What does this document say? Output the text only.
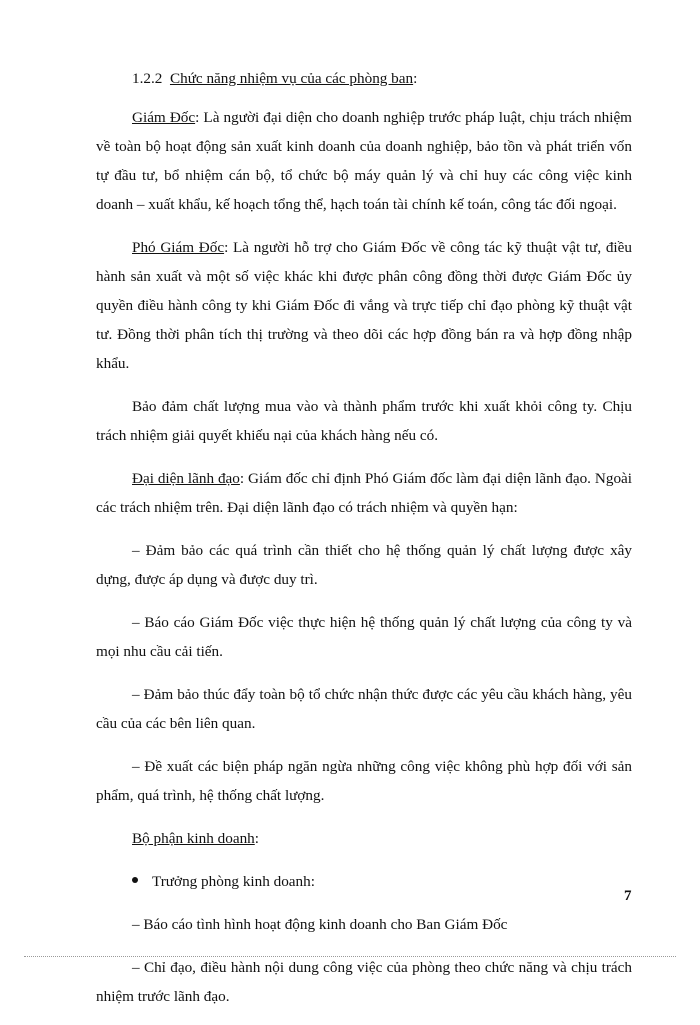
1.2.2 Chức năng nhiệm vụ của các phòng ban:

Giám Đốc: Là người đại diện cho doanh nghiệp trước pháp luật, chịu trách nhiệm về toàn bộ hoạt động sản xuất kinh doanh của doanh nghiệp, bảo tồn và phát triển vốn tự đầu tư, bổ nhiệm cán bộ, tổ chức bộ máy quản lý và chỉ huy các công việc kinh doanh – xuất khẩu, kế hoạch tổng thể, hạch toán tài chính kế toán, công tác đối ngoại.

Phó Giám Đốc: Là người hỗ trợ cho Giám Đốc về công tác kỹ thuật vật tư, điều hành sản xuất và một số việc khác khi được phân công đồng thời được Giám Đốc ủy quyền điều hành công ty khi Giám Đốc đi vắng và trực tiếp chỉ đạo phòng kỹ thuật vật tư. Đồng thời phân tích thị trường và theo dõi các hợp đồng bán ra và hợp đồng nhập khẩu.

Bảo đảm chất lượng mua vào và thành phẩm trước khi xuất khỏi công ty. Chịu trách nhiệm giải quyết khiếu nại của khách hàng nếu có.

Đại diện lãnh đạo: Giám đốc chỉ định Phó Giám đốc làm đại diện lãnh đạo. Ngoài các trách nhiệm trên. Đại diện lãnh đạo có trách nhiệm và quyền hạn:

– Đảm bảo các quá trình cần thiết cho hệ thống quản lý chất lượng được xây dựng, được áp dụng và được duy trì.

– Báo cáo Giám Đốc việc thực hiện hệ thống quản lý chất lượng của công ty và mọi nhu cầu cải tiến.

– Đảm bảo thúc đẩy toàn bộ tổ chức nhận thức được các yêu cầu khách hàng, yêu cầu của các bên liên quan.

– Đề xuất các biện pháp ngăn ngừa những công việc không phù hợp đối với sản phẩm, quá trình, hệ thống chất lượng.

Bộ phận kinh doanh:

Trưởng phòng kinh doanh:

– Báo cáo tình hình hoạt động kinh doanh cho Ban Giám Đốc

– Chỉ đạo, điều hành nội dung công việc của phòng theo chức năng và chịu trách nhiệm trước lãnh đạo.

7
